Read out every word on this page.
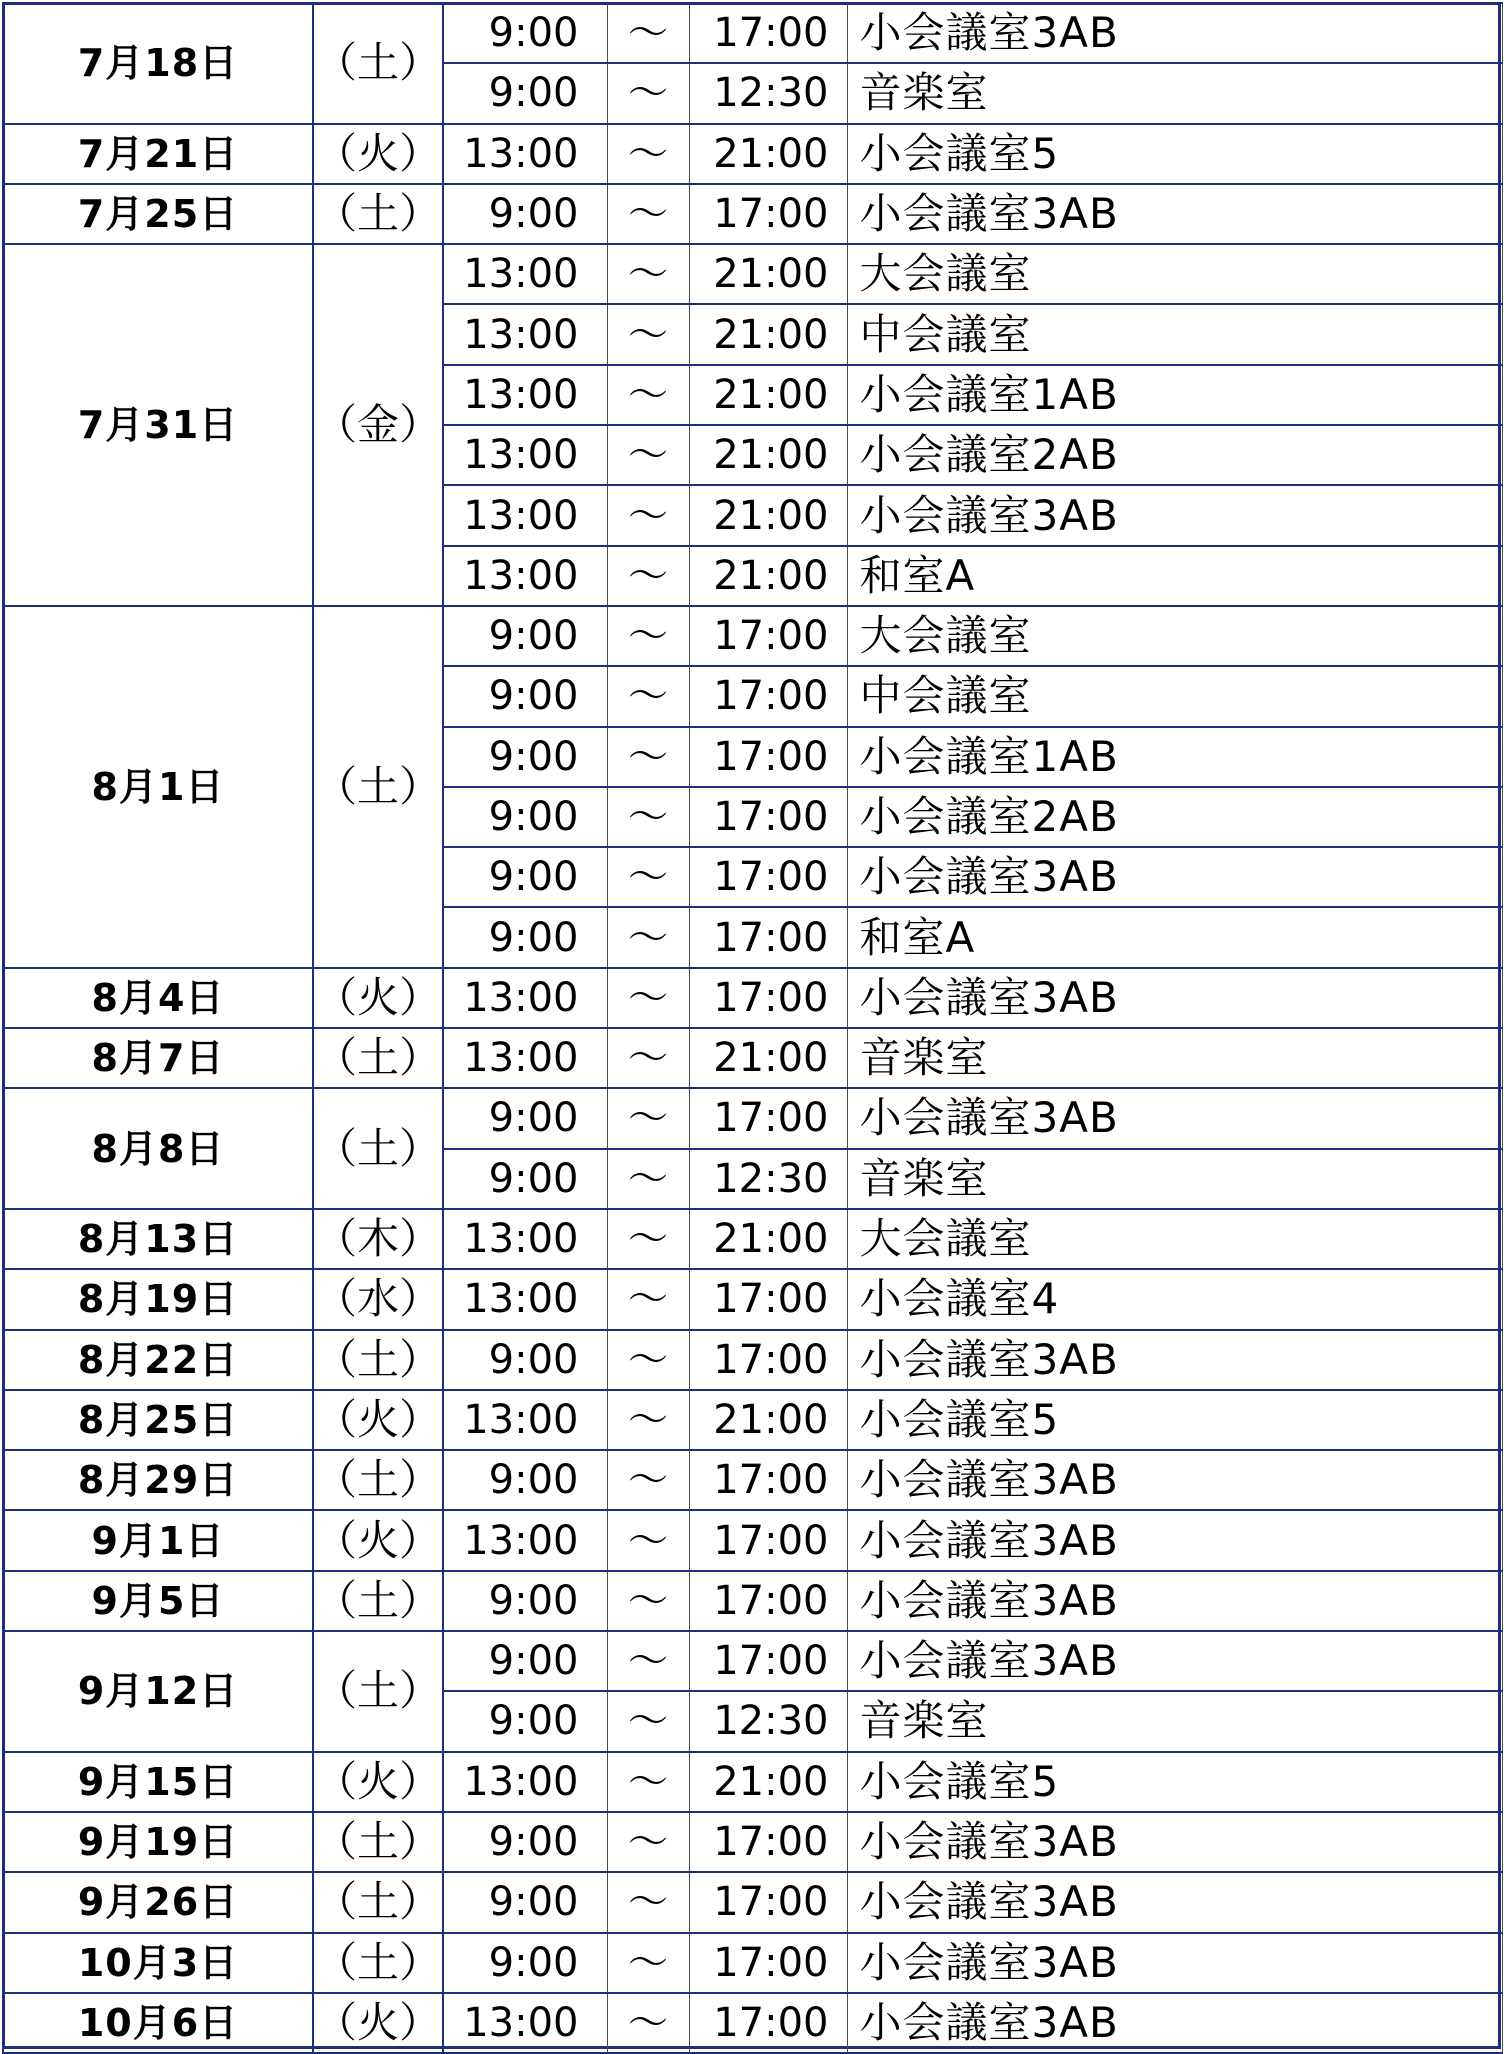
7月18日	（土）	9:00	～	17:00	小会議室3AB
		9:00	～	12:30	音楽室
7月21日	（火）	13:00	～	21:00	小会議室5
7月25日	（土）	9:00	～	17:00	小会議室3AB
7月31日	（金）	13:00	～	21:00	大会議室
		13:00	～	21:00	中会議室
		13:00	～	21:00	小会議室1AB
		13:00	～	21:00	小会議室2AB
		13:00	～	21:00	小会議室3AB
		13:00	～	21:00	和室A
8月1日	（土）	9:00	～	17:00	大会議室
		9:00	～	17:00	中会議室
		9:00	～	17:00	小会議室1AB
		9:00	～	17:00	小会議室2AB
		9:00	～	17:00	小会議室3AB
		9:00	～	17:00	和室A
8月4日	（火）	13:00	～	17:00	小会議室3AB
8月7日	（土）	13:00	～	21:00	音楽室
8月8日	（土）	9:00	～	17:00	小会議室3AB
		9:00	～	12:30	音楽室
8月13日	（木）	13:00	～	21:00	大会議室
8月19日	（水）	13:00	～	17:00	小会議室4
8月22日	（土）	9:00	～	17:00	小会議室3AB
8月25日	（火）	13:00	～	21:00	小会議室5
8月29日	（土）	9:00	～	17:00	小会議室3AB
9月1日	（火）	13:00	～	17:00	小会議室3AB
9月5日	（土）	9:00	～	17:00	小会議室3AB
9月12日	（土）	9:00	～	17:00	小会議室3AB
		9:00	～	12:30	音楽室
9月15日	（火）	13:00	～	21:00	小会議室5
9月19日	（土）	9:00	～	17:00	小会議室3AB
9月26日	（土）	9:00	～	17:00	小会議室3AB
10月3日	（土）	9:00	～	17:00	小会議室3AB
10月6日	（火）	13:00	～	17:00	小会議室3AB
